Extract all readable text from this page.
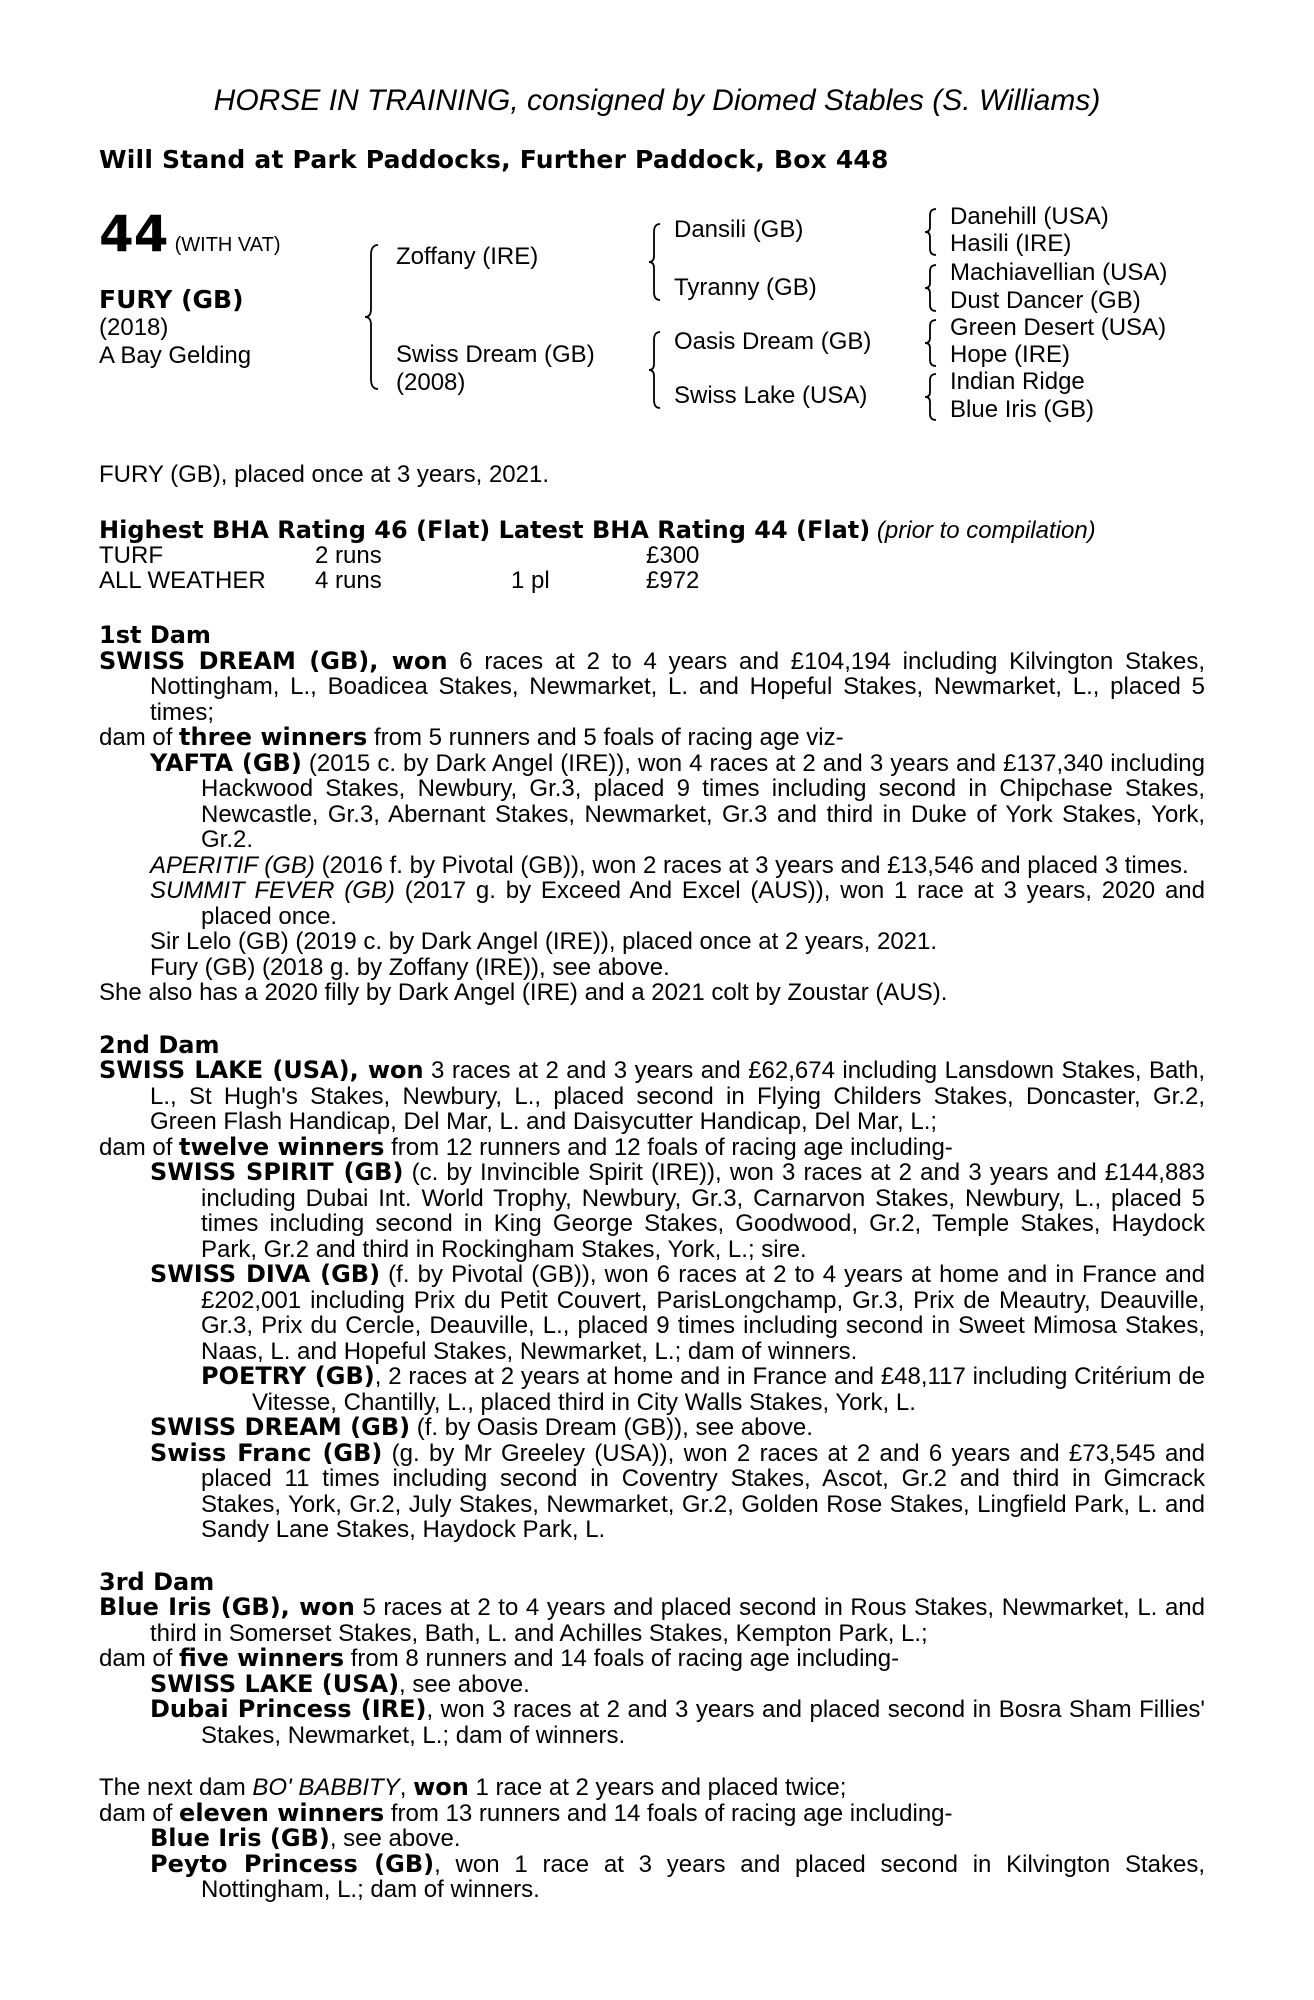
HORSE IN TRAINING, consigned by Diomed Stables (S. Williams)
Will Stand at Park Paddocks, Further Paddock, Box 448
44 (WITH VAT)
FURY (GB)
(2018)
A Bay Gelding
Zoffany (IRE)
Swiss Dream (GB)
(2008)
Dansili (GB)
Tyranny (GB)
Oasis Dream (GB)
Swiss Lake (USA)
Danehill (USA)
Hasili (IRE)
Machiavellian (USA)
Dust Dancer (GB)
Green Desert (USA)
Hope (IRE)
Indian Ridge
Blue Iris (GB)

FURY (GB), placed once at 3 years, 2021.

Highest BHA Rating 46 (Flat) Latest BHA Rating 44 (Flat) (prior to compilation)

TURF	2 runs		£300
ALL WEATHER	4 runs	1 pl	£972

1st Dam

SWISS DREAM (GB), won 6 races at 2 to 4 years and £104,194 including Kilvington Stakes, Nottingham, L., Boadicea Stakes, Newmarket, L. and Hopeful Stakes, Newmarket, L., placed 5 times;

dam of three winners from 5 runners and 5 foals of racing age viz-

YAFTA (GB) (2015 c. by Dark Angel (IRE)), won 4 races at 2 and 3 years and £137,340 including Hackwood Stakes, Newbury, Gr.3, placed 9 times including second in Chipchase Stakes, Newcastle, Gr.3, Abernant Stakes, Newmarket, Gr.3 and third in Duke of York Stakes, York, Gr.2.

APERITIF (GB) (2016 f. by Pivotal (GB)), won 2 races at 3 years and £13,546 and placed 3 times.

SUMMIT FEVER (GB) (2017 g. by Exceed And Excel (AUS)), won 1 race at 3 years, 2020 and placed once.

Sir Lelo (GB) (2019 c. by Dark Angel (IRE)), placed once at 2 years, 2021.

Fury (GB) (2018 g. by Zoffany (IRE)), see above.

She also has a 2020 filly by Dark Angel (IRE) and a 2021 colt by Zoustar (AUS).

2nd Dam

SWISS LAKE (USA), won 3 races at 2 and 3 years and £62,674 including Lansdown Stakes, Bath, L., St Hugh's Stakes, Newbury, L., placed second in Flying Childers Stakes, Doncaster, Gr.2, Green Flash Handicap, Del Mar, L. and Daisycutter Handicap, Del Mar, L.;

dam of twelve winners from 12 runners and 12 foals of racing age including-

SWISS SPIRIT (GB) (c. by Invincible Spirit (IRE)), won 3 races at 2 and 3 years and £144,883 including Dubai Int. World Trophy, Newbury, Gr.3, Carnarvon Stakes, Newbury, L., placed 5 times including second in King George Stakes, Goodwood, Gr.2, Temple Stakes, Haydock Park, Gr.2 and third in Rockingham Stakes, York, L.; sire.

SWISS DIVA (GB) (f. by Pivotal (GB)), won 6 races at 2 to 4 years at home and in France and £202,001 including Prix du Petit Couvert, ParisLongchamp, Gr.3, Prix de Meautry, Deauville, Gr.3, Prix du Cercle, Deauville, L., placed 9 times including second in Sweet Mimosa Stakes, Naas, L. and Hopeful Stakes, Newmarket, L.; dam of winners.

POETRY (GB), 2 races at 2 years at home and in France and £48,117 including Critérium de Vitesse, Chantilly, L., placed third in City Walls Stakes, York, L.

SWISS DREAM (GB) (f. by Oasis Dream (GB)), see above.

Swiss Franc (GB) (g. by Mr Greeley (USA)), won 2 races at 2 and 6 years and £73,545 and placed 11 times including second in Coventry Stakes, Ascot, Gr.2 and third in Gimcrack Stakes, York, Gr.2, July Stakes, Newmarket, Gr.2, Golden Rose Stakes, Lingfield Park, L. and Sandy Lane Stakes, Haydock Park, L.

3rd Dam

Blue Iris (GB), won 5 races at 2 to 4 years and placed second in Rous Stakes, Newmarket, L. and third in Somerset Stakes, Bath, L. and Achilles Stakes, Kempton Park, L.;

dam of five winners from 8 runners and 14 foals of racing age including-

SWISS LAKE (USA), see above.

Dubai Princess (IRE), won 3 races at 2 and 3 years and placed second in Bosra Sham Fillies' Stakes, Newmarket, L.; dam of winners.

The next dam BO' BABBITY, won 1 race at 2 years and placed twice;

dam of eleven winners from 13 runners and 14 foals of racing age including-

Blue Iris (GB), see above.

Peyto Princess (GB), won 1 race at 3 years and placed second in Kilvington Stakes, Nottingham, L.; dam of winners.
